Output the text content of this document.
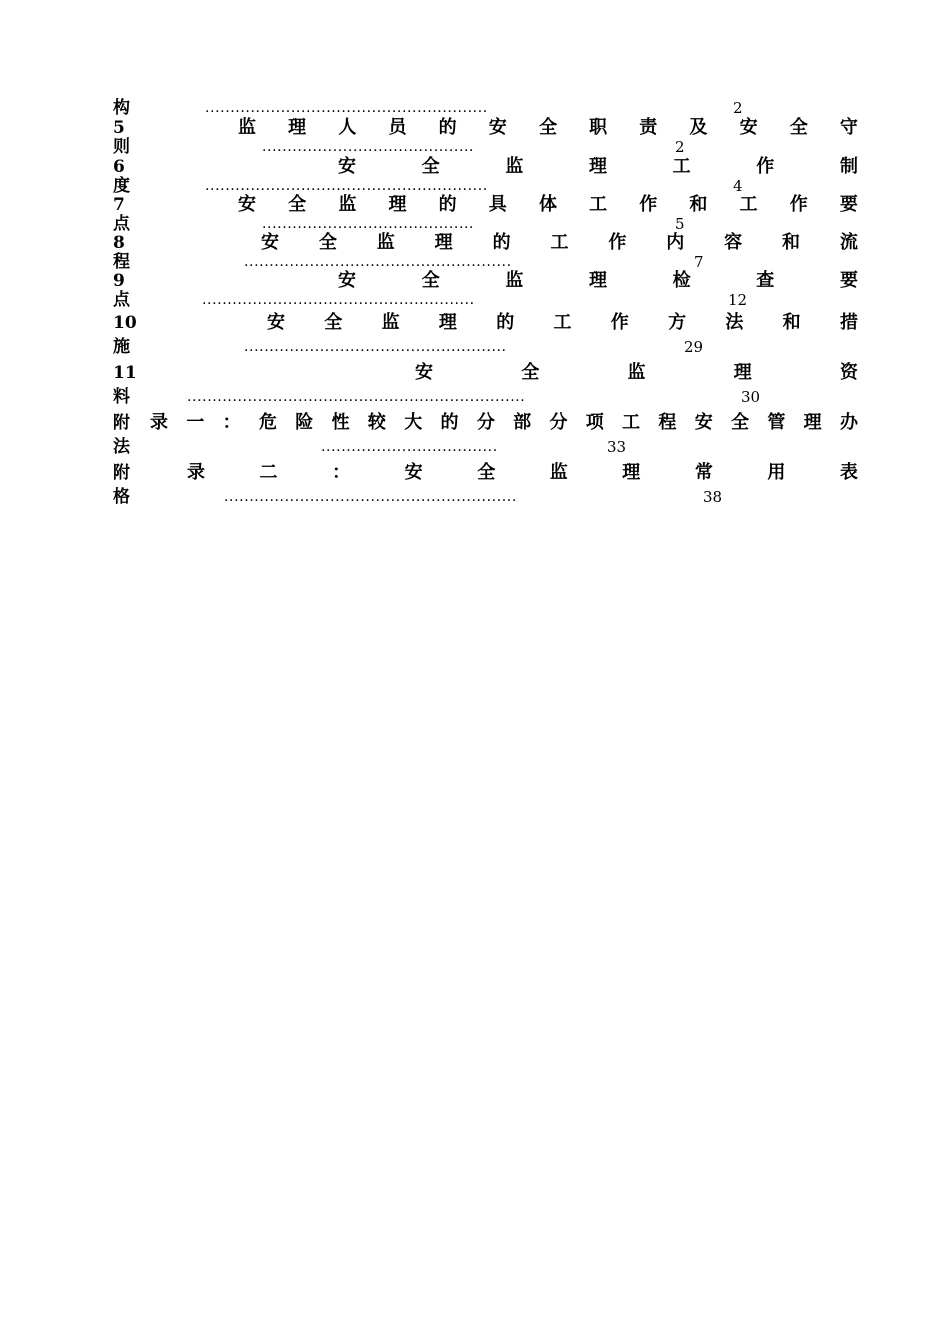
构	........................................................	2
5	监 理 人 员 的 安 全 职 责 及 安 全 守
则	..........................................	2
6	安	全	监	理	工	作	制
度	........................................................	4
7	安 全 监 理 的 具 体 工 作 和 工 作 要
点	..........................................	5
8	安 全 监 理 的 工 作 内 容 和 流
程	.....................................................	7
9	安	全	监	理	检	查	要
点	......................................................	12
10	安 全 监 理 的 工 作 方 法 和 措
施	....................................................	29
11	安	全	监	理	资
料	...................................................................	30
附 录 一 ： 危 险 性 较 大 的 分 部 分 项 工 程 安 全 管 理 办
法	...................................	33
附	录	二	：	安	全	监	理	常	用	表
格	..........................................................	38
